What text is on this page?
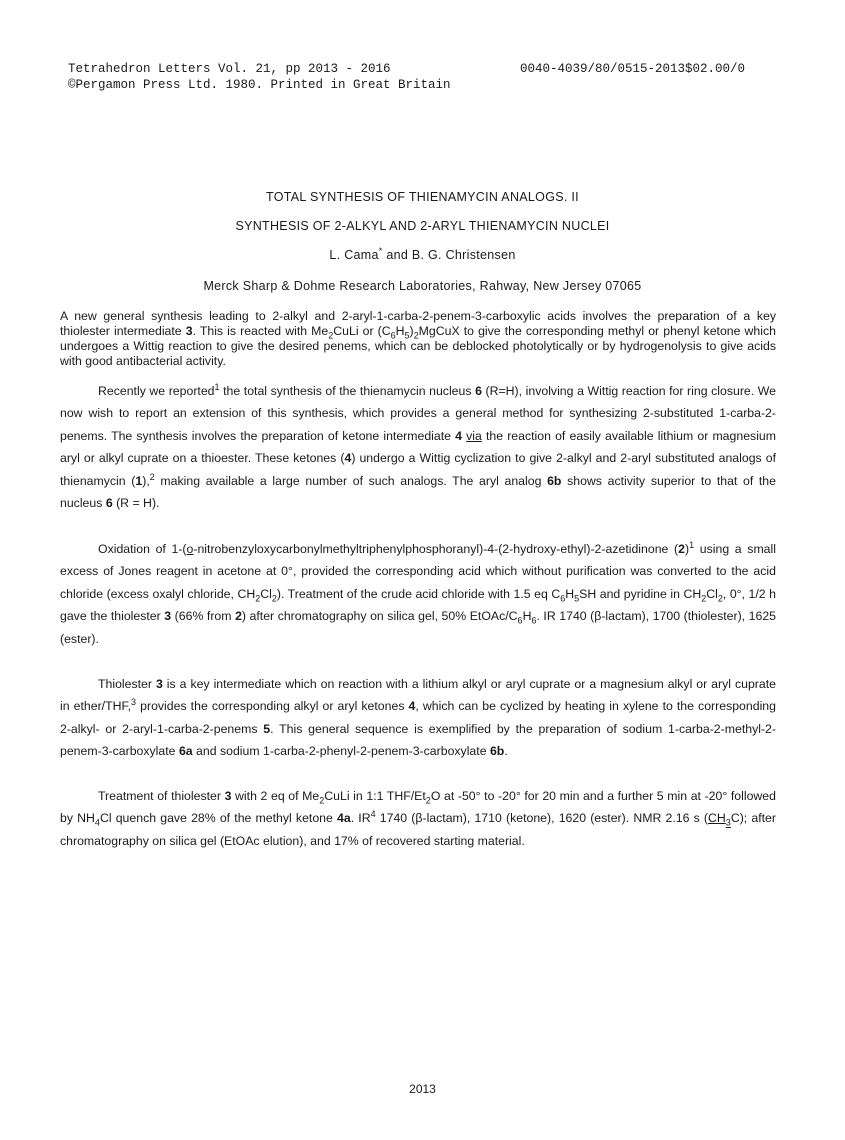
Tetrahedron Letters Vol. 21, pp 2013 - 2016
©Pergamon Press Ltd. 1980. Printed in Great Britain
0040-4039/80/0515-2013$02.00/0
TOTAL SYNTHESIS OF THIENAMYCIN ANALOGS. II
SYNTHESIS OF 2-ALKYL AND 2-ARYL THIENAMYCIN NUCLEI
L. Cama* and B. G. Christensen
Merck Sharp & Dohme Research Laboratories, Rahway, New Jersey 07065
A new general synthesis leading to 2-alkyl and 2-aryl-1-carba-2-penem-3-carboxylic acids involves the preparation of a key thiolester intermediate 3. This is reacted with $Me_2CuLi$ or $(C_6H_5)_2MgCuX$ to give the corresponding methyl or phenyl ketone which undergoes a Wittig reaction to give the desired penems, which can be deblocked photolytically or by hydrogenolysis to give acids with good antibacterial activity.
Recently we reported$^1$ the total synthesis of the thienamycin nucleus 6 (R=H), involving a Wittig reaction for ring closure. We now wish to report an extension of this synthesis, which provides a general method for synthesizing 2-substituted 1-carba-2-penems. The synthesis involves the preparation of ketone intermediate 4 via the reaction of easily available lithium or magnesium aryl or alkyl cuprate on a thioester. These ketones (4) undergo a Wittig cyclization to give 2-alkyl and 2-aryl substituted analogs of thienamycin (1),$^2$ making available a large number of such analogs. The aryl analog 6b shows activity superior to that of the nucleus 6 (R = H).
Oxidation of 1-(o-nitrobenzyloxycarbonylmethyltriphenylphosphoranyl)-4-(2-hydroxy-ethyl)-2-azetidinone $(2)^1$ using a small excess of Jones reagent in acetone at 0°, provided the corresponding acid which without purification was converted to the acid chloride (excess oxalyl chloride, $CH_2Cl_2$). Treatment of the crude acid chloride with 1.5 eq $C_6H_5SH$ and pyridine in $CH_2Cl_2$, 0°, 1/2 h gave the thiolester 3 (66% from 2) after chromatography on silica gel, 50% EtOAc/$C_6H_6$. IR 1740 (β-lactam), 1700 (thiolester), 1625 (ester).
Thiolester 3 is a key intermediate which on reaction with a lithium alkyl or aryl cuprate or a magnesium alkyl or aryl cuprate in ether/THF,$^3$ provides the corresponding alkyl or aryl ketones 4, which can be cyclized by heating in xylene to the corresponding 2-alkyl- or 2-aryl-1-carba-2-penems 5. This general sequence is exemplified by the preparation of sodium 1-carba-2-methyl-2-penem-3-carboxylate 6a and sodium 1-carba-2-phenyl-2-penem-3-carboxylate 6b.
Treatment of thiolester 3 with 2 eq of $Me_2CuLi$ in 1:1 THF/$Et_2O$ at -50° to -20° for 20 min and a further 5 min at -20° followed by $NH_4Cl$ quench gave 28% of the methyl ketone 4a. $IR^4$ 1740 (β-lactam), 1710 (ketone), 1620 (ester). NMR 2.16 s $(CH_3C)$; after chromatography on silica gel (EtOAc elution), and 17% of recovered starting material.
2013
